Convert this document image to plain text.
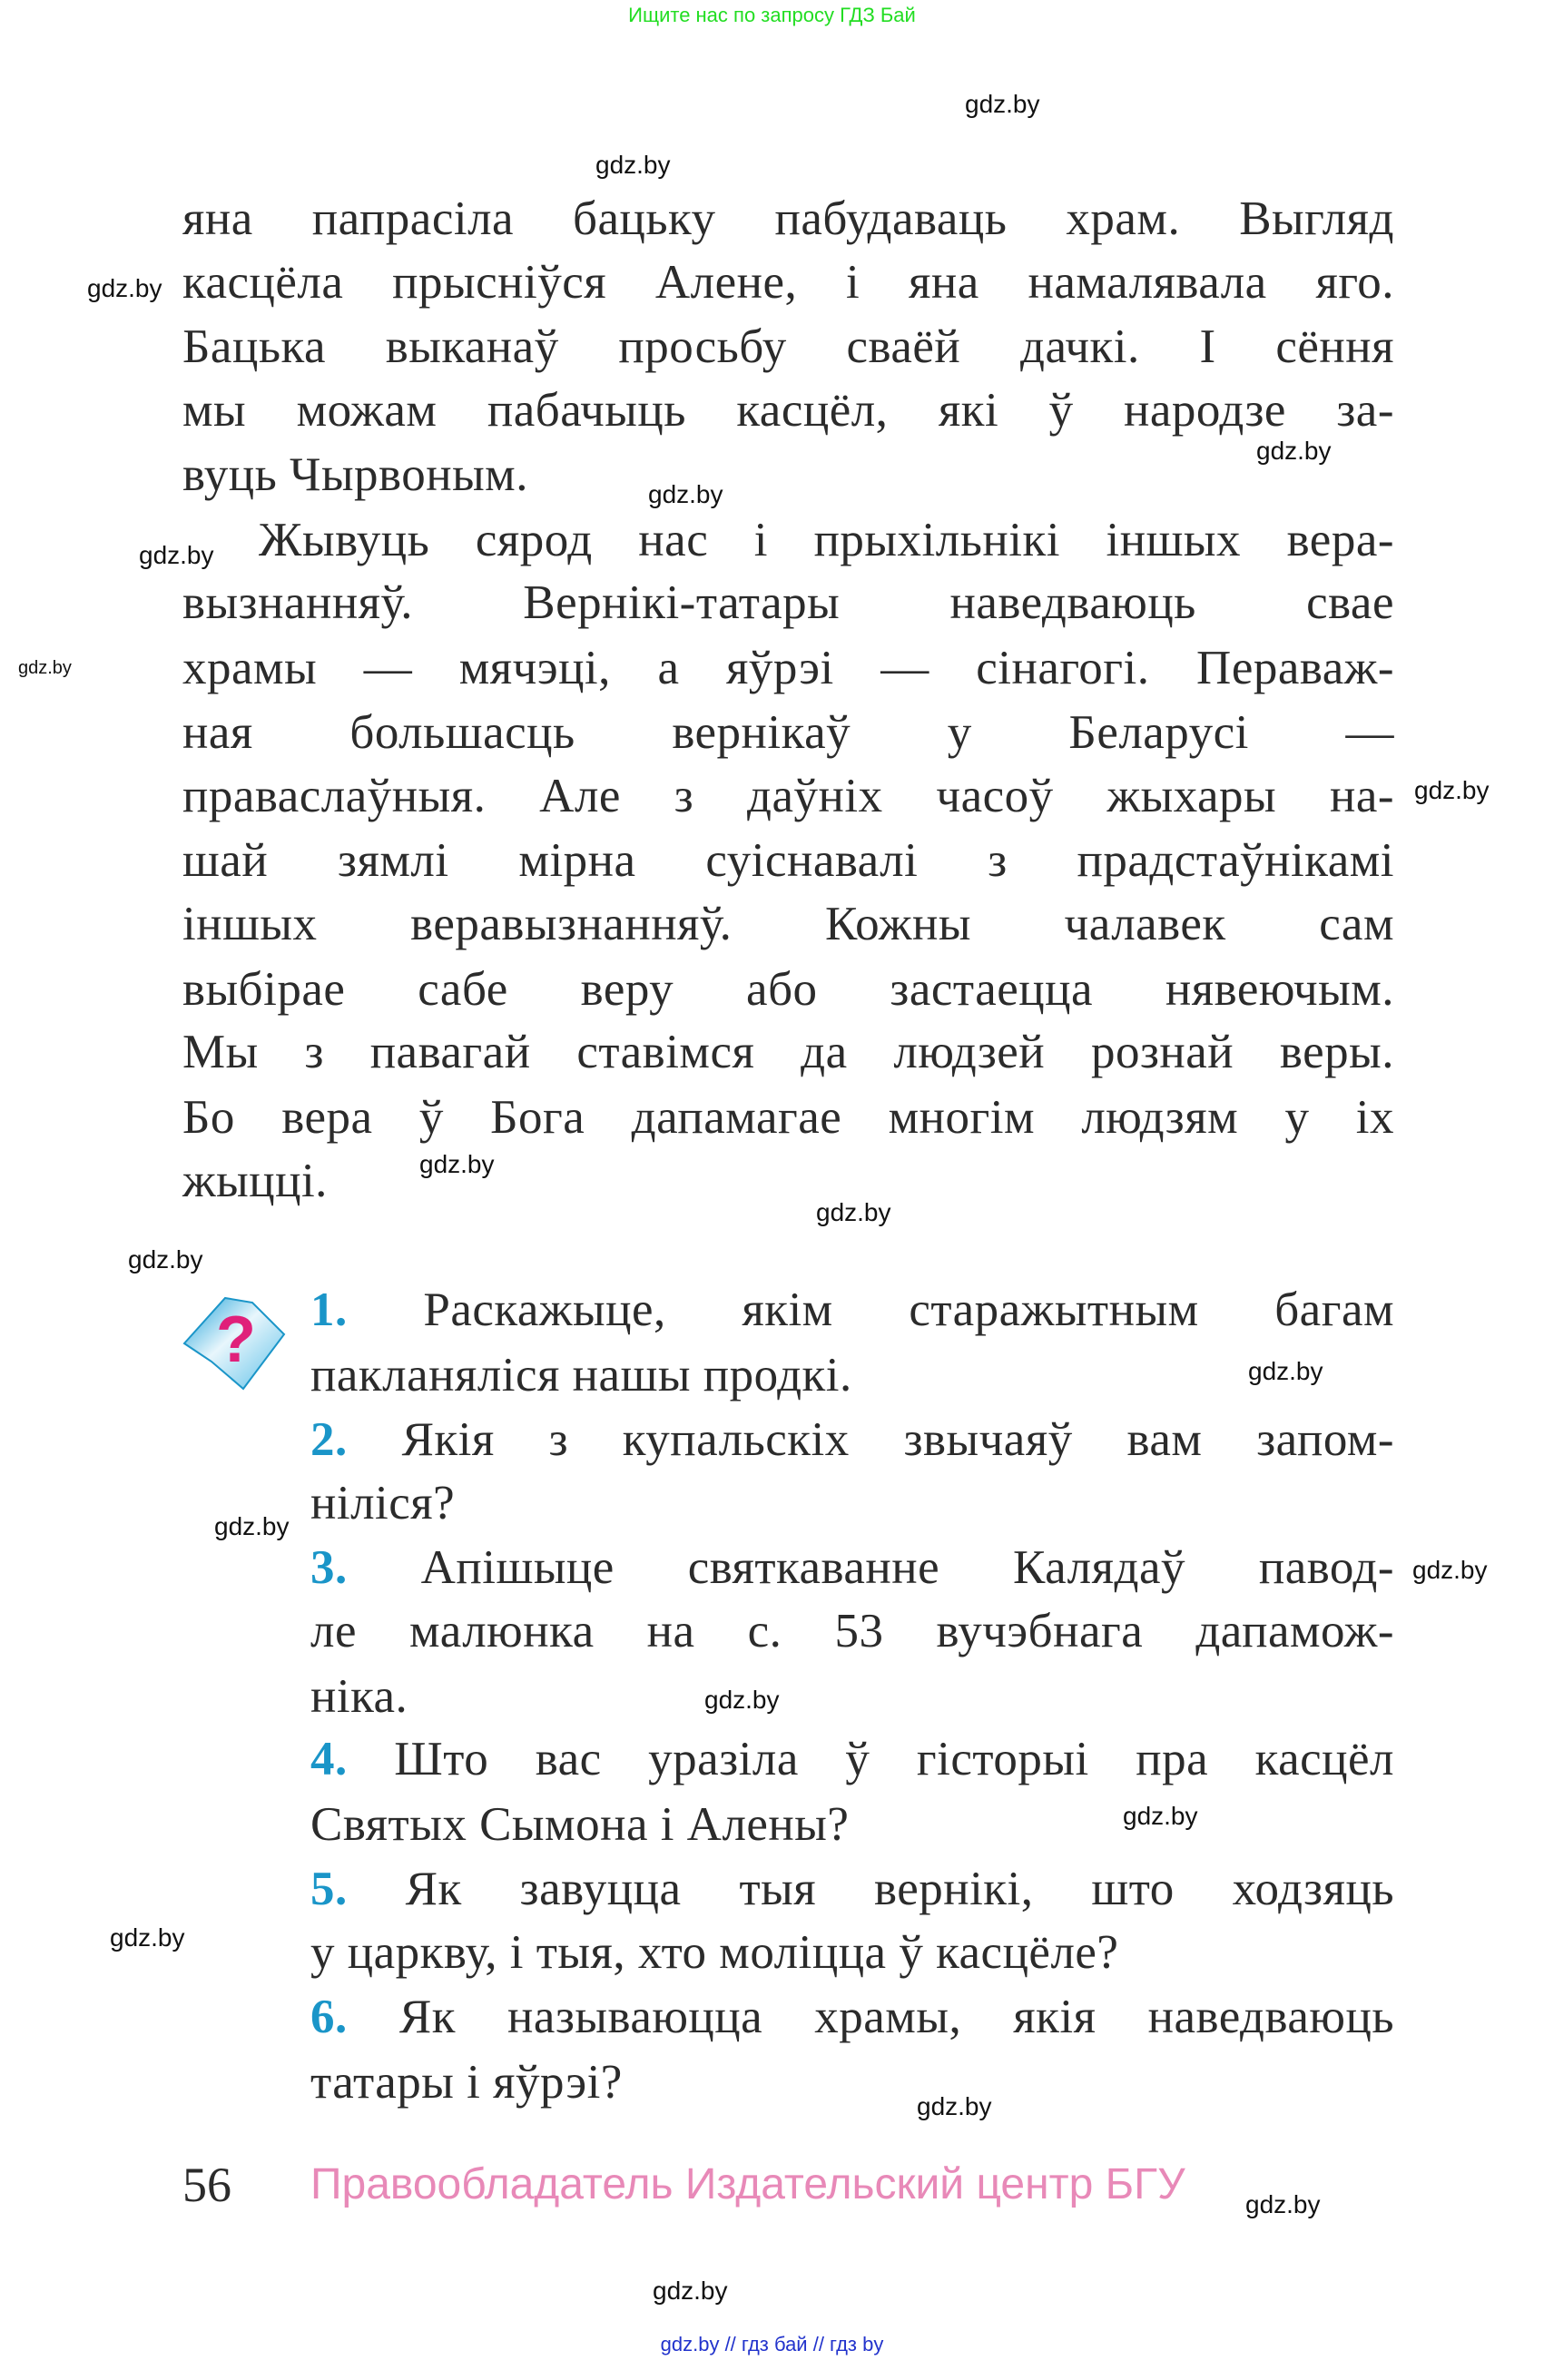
Ищите нас по запросу ГДЗ Бай
яна папрасіла бацьку пабудаваць храм. Выгляд
касцёла прысніўся Алене, і яна намалявала яго.
Бацька выканаў просьбу сваёй дачкі. І сёння
мы можам пабачыць касцёл, які ў народзе за-
вуць Чырвоным.
Жывуць сярод нас і прыхільнікі іншых вера-
вызнанняў. Вернікі-татары наведваюць свае
храмы — мячэці, а яўрэі — сінагогі. Пераваж-
ная большасць вернікаў у Беларусі —
праваслаўныя. Але з даўніх часоў жыхары на-
шай зямлі мірна суіснавалі з прадстаўнікамі
іншых веравызнанняў. Кожны чалавек сам
выбірае сабе веру або застаецца нявеючым.
Мы з павагай ставімся да людзей рознай веры.
Бо вера ў Бога дапамагае многім людзям у іх
жыцці.
1. Раскажыце, якім старажытным багам
пакланяліся нашы продкі.
2. Якія з купальскіх звычаяў вам запом-
ніліся?
3. Апішыце святкаванне Калядаў павод-
ле малюнка на с. 53 вучэбнага дапамож-
ніка.
4. Што вас уразіла ў гісторыі пра касцёл
Святых Сымона і Алены?
5. Як завуцца тыя вернікі, што ходзяць
у царкву, і тыя, хто моліцца ў касцёле?
6. Як называюцца храмы, якія наведваюць
татары і яўрэі?
?
56 Правообладатель Издательский центр БГУ
gdz.by
gdz.by
gdz.by
gdz.by
gdz.by
gdz.by
gdz.by
gdz.by
gdz.by
gdz.by
gdz.by
gdz.by
gdz.by
gdz.by
gdz.by
gdz.by
gdz.by
gdz.by
gdz.by
gdz.by
gdz.by // гдз бай // гдз by
